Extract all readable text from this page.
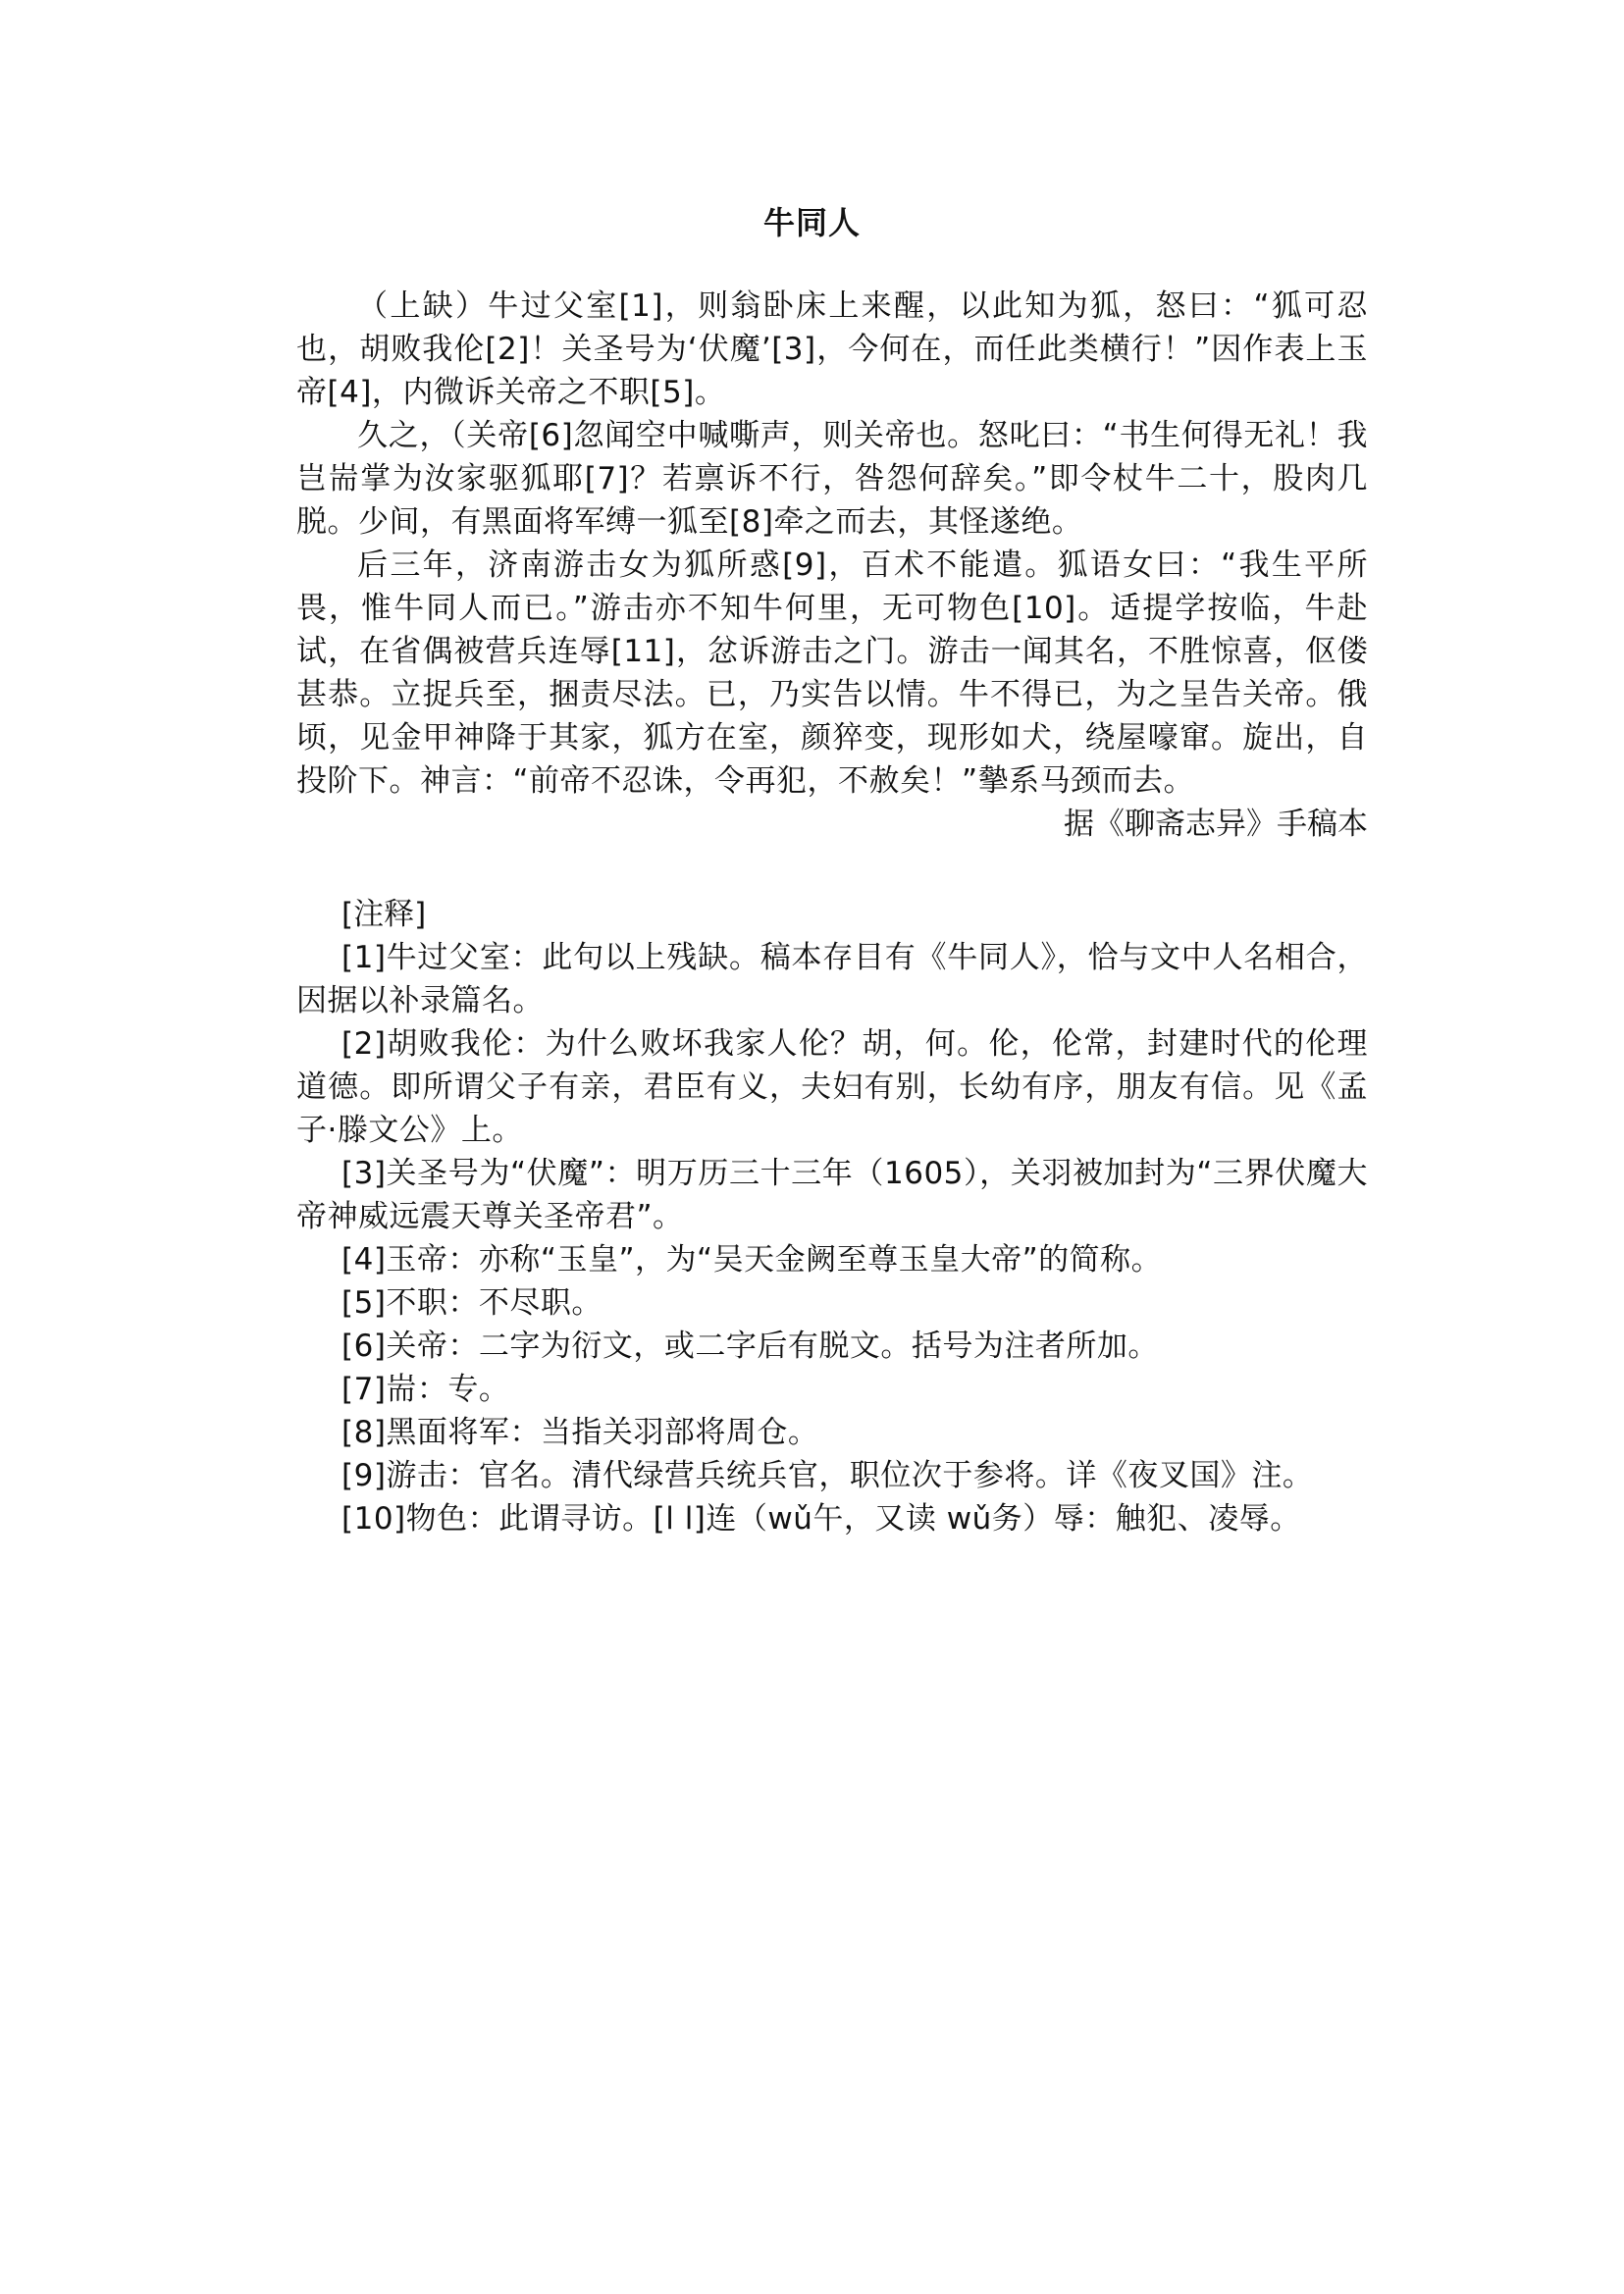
牛同人

（上缺）牛过父室[1]，则翁卧床上来醒，以此知为狐，怒曰：“狐可忍也，胡败我伦[2]！关圣号为‘伏魔’[3]，今何在，而任此类横行！”因作表上玉帝[4]，内微诉关帝之不职[5]。

久之，（关帝[6]忽闻空中喊嘶声，则关帝也。怒叱曰：“书生何得无礼！我岂耑掌为汝家驱狐耶[7]？若禀诉不行，咎怨何辞矣。”即令杖牛二十，股肉几脱。少间，有黑面将军缚一狐至[8]牵之而去，其怪遂绝。

后三年，济南游击女为狐所惑[9]，百术不能遣。狐语女曰：“我生平所畏，惟牛同人而已。”游击亦不知牛何里，无可物色[10]。适提学按临，牛赴试，在省偶被营兵连辱[11]，忿诉游击之门。游击一闻其名，不胜惊喜，伛偻甚恭。立捉兵至，捆责尽法。已，乃实告以情。牛不得已，为之呈告关帝。俄顷，见金甲神降于其家，狐方在室，颜猝变，现形如犬，绕屋嚎窜。旋出，自投阶下。神言：“前帝不忍诛，令再犯，不赦矣！”摰系马颈而去。

据《聊斋志异》手稿本

[注释]

[1]牛过父室：此句以上残缺。稿本存目有《牛同人》，恰与文中人名相合，因据以补录篇名。

[2]胡败我伦：为什么败坏我家人伦？胡，何。伦，伦常，封建时代的伦理道德。即所谓父子有亲，君臣有义，夫妇有别，长幼有序，朋友有信。见《孟子·滕文公》上。

[3]关圣号为“伏魔”：明万历三十三年（1605），关羽被加封为“三界伏魔大帝神威远震天尊关圣帝君”。

[4]玉帝：亦称“玉皇”，为“吴天金阙至尊玉皇大帝”的简称。

[5]不职：不尽职。

[6]关帝：二字为衍文，或二字后有脱文。括号为注者所加。

[7]耑：专。

[8]黑面将军：当指关羽部将周仓。

[9]游击：官名。清代绿营兵统兵官，职位次于参将。详《夜叉国》注。

[10]物色：此谓寻访。[l l]连（wǔ午，又读 wǔ务）辱：触犯、凌辱。
